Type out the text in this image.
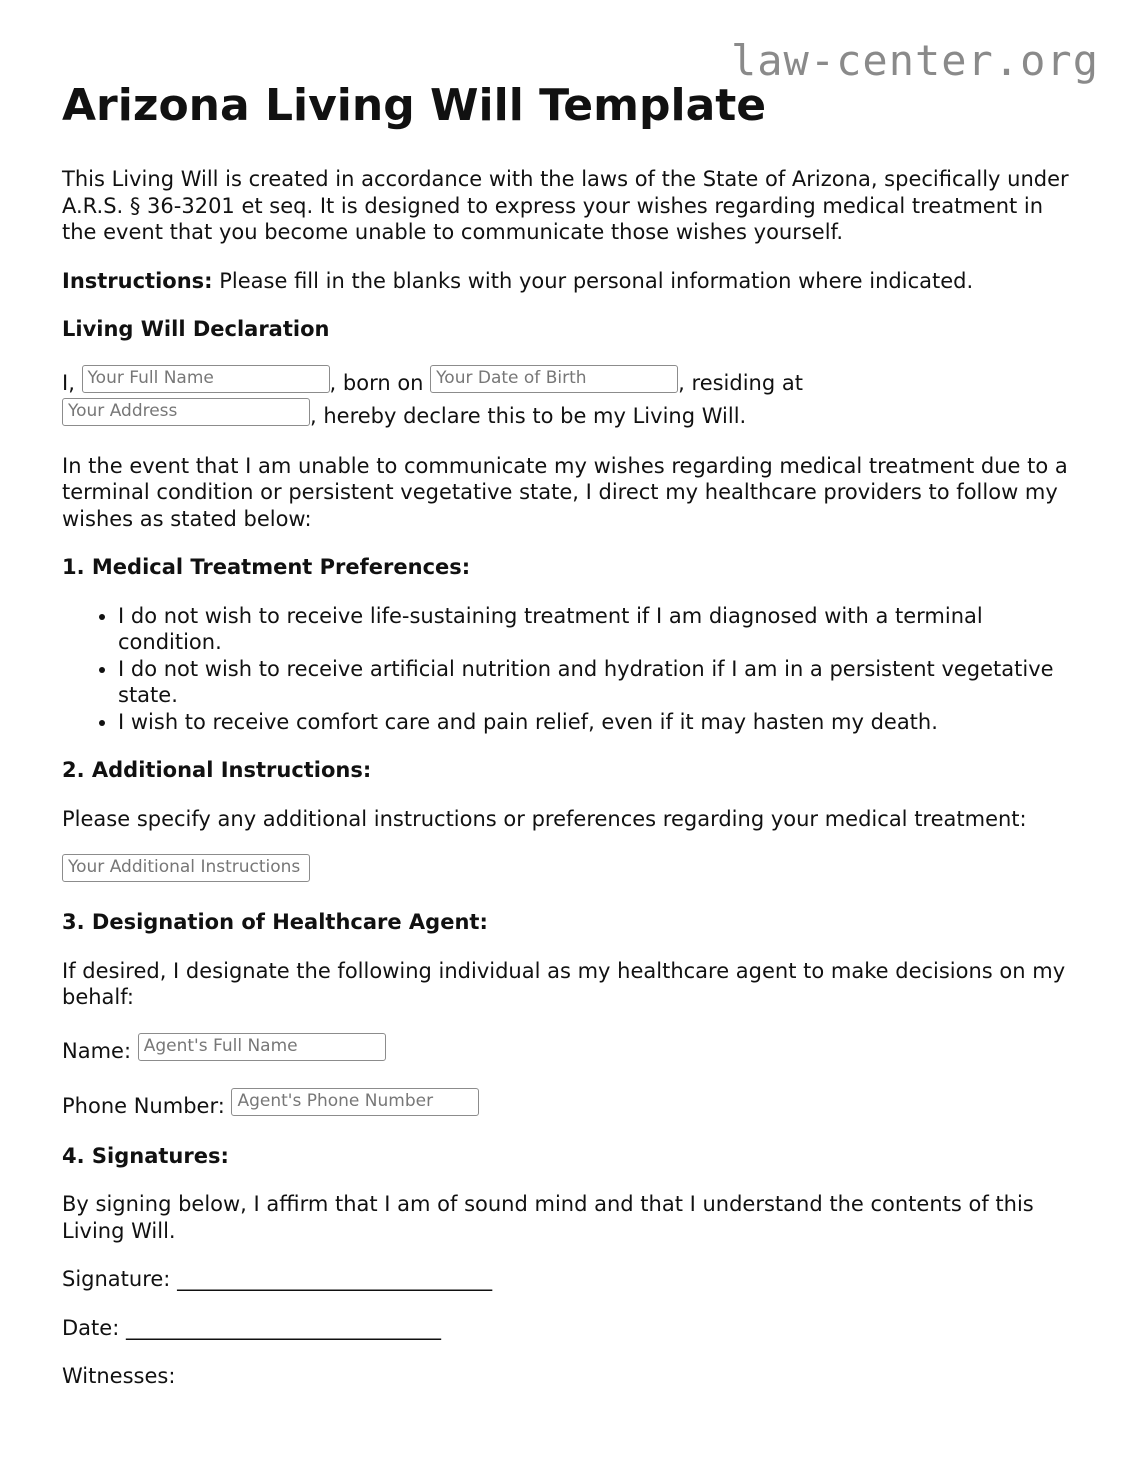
law-center.org
Arizona Living Will Template

This Living Will is created in accordance with the laws of the State of Arizona, specifically under A.R.S. § 36-3201 et seq. It is designed to express your wishes regarding medical treatment in the event that you become unable to communicate those wishes yourself.

Instructions: Please fill in the blanks with your personal information where indicated.

Living Will Declaration
I, Your Full Name	, born on Your Date of Birth	, residing at
Your Address	, hereby declare this to be my Living Will.

In the event that I am unable to communicate my wishes regarding medical treatment due to a terminal condition or persistent vegetative state, I direct my healthcare providers to follow my wishes as stated below:

1. Medical Treatment Preferences:
• I do not wish to receive life-sustaining treatment if I am diagnosed with a terminal condition.
• I do not wish to receive artificial nutrition and hydration if I am in a persistent vegetative state.
• I wish to receive comfort care and pain relief, even if it may hasten my death.
2. Additional Instructions:

Please specify any additional instructions or preferences regarding your medical treatment:

Your Additional Instructions
3. Designation of Healthcare Agent:

If desired, I designate the following individual as my healthcare agent to make decisions on my behalf:

Name: Agent's Full Name
Phone Number: Agent's Phone Number
4. Signatures:

By signing below, I affirm that I am of sound mind and that I understand the contents of this Living Will.

Signature: ______________________________

Date: ______________________________

Witnesses:
